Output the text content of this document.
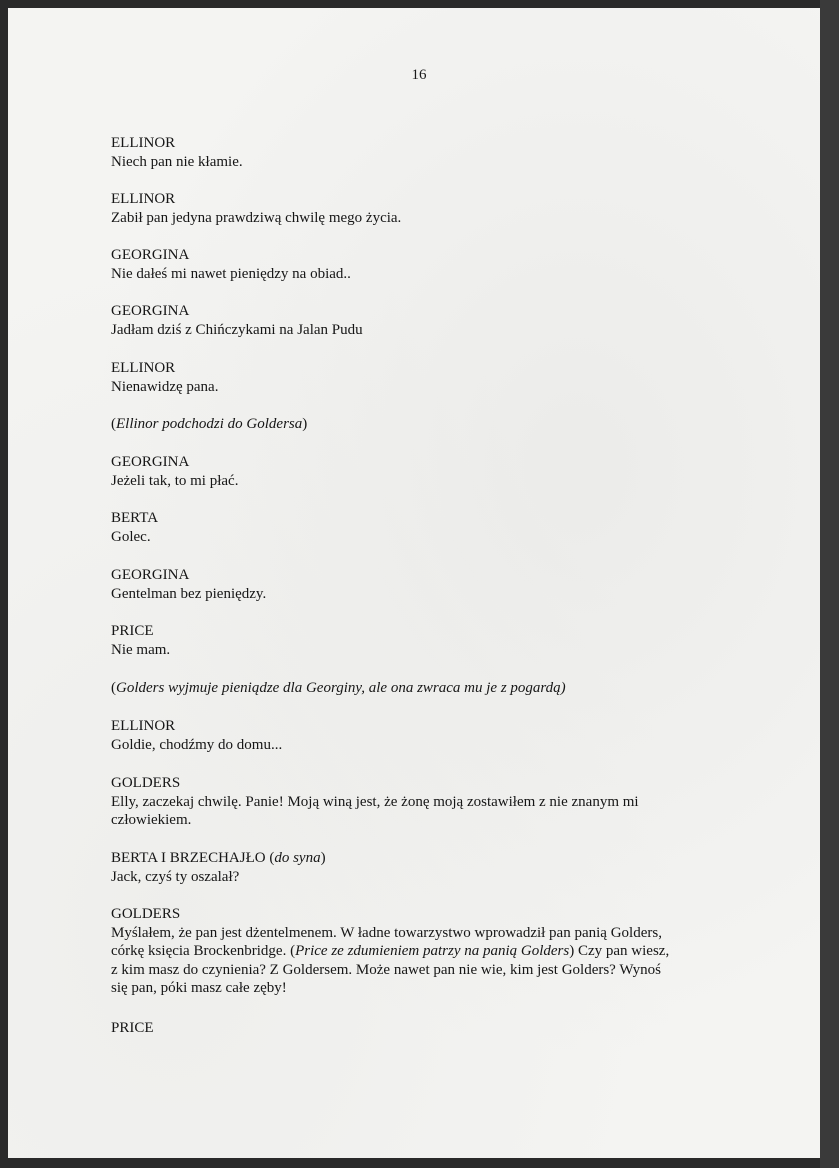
16
ELLINOR
Niech pan nie kłamie.
ELLINOR
Zabił pan jedyna prawdziwą chwilę mego życia.
GEORGINA
Nie dałeś mi nawet pieniędzy na obiad..
GEORGINA
Jadłam dziś z Chińczykami na Jalan Pudu
ELLINOR
Nienawidzę pana.
(Ellinor podchodzi do Goldersa)
GEORGINA
Jeżeli tak, to mi płać.
BERTA
Golec.
GEORGINA
Gentelman bez pieniędzy.
PRICE
Nie mam.
(Golders wyjmuje pieniądze dla Georginy, ale ona zwraca mu je z pogardą)
ELLINOR
Goldie, chodźmy do domu...
GOLDERS
Elly, zaczekaj chwilę. Panie! Moją winą jest, że żonę moją zostawiłem z nie znanym mi
człowiekiem.
BERTA I BRZECHAJŁO (do syna)
Jack, czyś ty oszalał?
GOLDERS
Myślałem, że pan jest dżentelmenem. W ładne towarzystwo wprowadził pan panią Golders,
córkę księcia Brockenbridge. (Price ze zdumieniem patrzy na panią Golders) Czy pan wiesz,
z kim masz do czynienia? Z Goldersem. Może nawet pan nie wie, kim jest Golders? Wynoś
się pan, póki masz całe zęby!
PRICE
